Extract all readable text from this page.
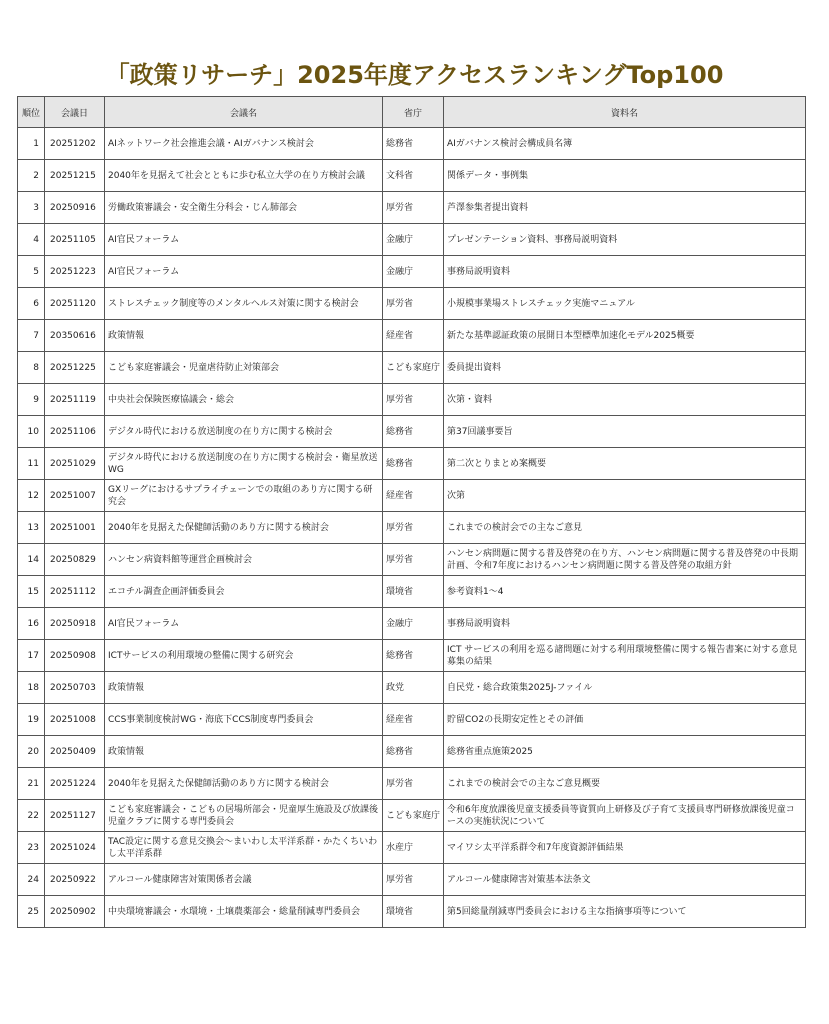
「政策リサーチ」2025年度アクセスランキングTop100
順位	会議日	会議名	省庁	資料名
1	20251202	AIネットワーク社会推進会議・AIガバナンス検討会	総務省	AIガバナンス検討会構成員名簿
2	20251215	2040年を見据えて社会とともに歩む私立大学の在り方検討会議	文科省	関係データ・事例集
3	20250916	労働政策審議会・安全衛生分科会・じん肺部会	厚労省	芦澤参集者提出資料
4	20251105	AI官民フォーラム	金融庁	プレゼンテーション資料、事務局説明資料
5	20251223	AI官民フォーラム	金融庁	事務局説明資料
6	20251120	ストレスチェック制度等のメンタルヘルス対策に関する検討会	厚労省	小規模事業場ストレスチェック実施マニュアル
7	20350616	政策情報	経産省	新たな基準認証政策の展開日本型標準加速化モデル2025概要
8	20251225	こども家庭審議会・児童虐待防止対策部会	こども家庭庁	委員提出資料
9	20251119	中央社会保険医療協議会・総会	厚労省	次第・資料
10	20251106	デジタル時代における放送制度の在り方に関する検討会	総務省	第37回議事要旨
11	20251029	デジタル時代における放送制度の在り方に関する検討会・衛星放送WG	総務省	第二次とりまとめ案概要
12	20251007	GXリーグにおけるサプライチェーンでの取組のあり方に関する研究会	経産省	次第
13	20251001	2040年を見据えた保健師活動のあり方に関する検討会	厚労省	これまでの検討会での主なご意見
14	20250829	ハンセン病資料館等運営企画検討会	厚労省	ハンセン病問題に関する普及啓発の在り方、ハンセン病問題に関する普及啓発の中長期計画、令和7年度におけるハンセン病問題に関する普及啓発の取組方針
15	20251112	エコチル調査企画評価委員会	環境省	参考資料1～4
16	20250918	AI官民フォーラム	金融庁	事務局説明資料
17	20250908	ICTサービスの利用環境の整備に関する研究会	総務省	ICT サービスの利用を巡る諸問題に対する利用環境整備に関する報告書案に対する意見募集の結果
18	20250703	政策情報	政党	自民党・総合政策集2025J-ファイル
19	20251008	CCS事業制度検討WG・海底下CCS制度専門委員会	経産省	貯留CO2の長期安定性とその評価
20	20250409	政策情報	総務省	総務省重点施策2025
21	20251224	2040年を見据えた保健師活動のあり方に関する検討会	厚労省	これまでの検討会での主なご意見概要
22	20251127	こども家庭審議会・こどもの居場所部会・児童厚生施設及び放課後児童クラブに関する専門委員会	こども家庭庁	令和6年度放課後児童支援委員等資質向上研修及び子育て支援員専門研修放課後児童コースの実施状況について
23	20251024	TAC設定に関する意見交換会～まいわし太平洋系群・かたくちいわし太平洋系群	水産庁	マイワシ太平洋系群令和7年度資源評価結果
24	20250922	アルコール健康障害対策関係者会議	厚労省	アルコール健康障害対策基本法条文
25	20250902	中央環境審議会・水環境・土壌農薬部会・総量削減専門委員会	環境省	第5回総量削減専門委員会における主な指摘事項等について
